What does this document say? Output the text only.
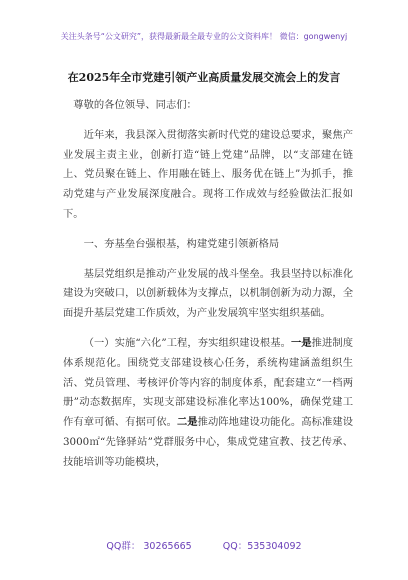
关注头条号“公文研究”，获得最新最全最专业的公文资料库！ 微信：gongwenyj
在2025年全市党建引领产业高质量发展交流会上的发言

尊敬的各位领导、同志们：

近年来，我县深入贯彻落实新时代党的建设总要求，聚焦产业发展主责主业，创新打造“链上党建”品牌，以“支部建在链上、党员聚在链上、作用融在链上、服务优在链上”为抓手，推动党建与产业发展深度融合。现将工作成效与经验做法汇报如下。

一、夯基垒台强根基，构建党建引领新格局

基层党组织是推动产业发展的战斗堡垒。我县坚持以标准化建设为突破口，以创新载体为支撑点，以机制创新为动力源，全面提升基层党建工作质效，为产业发展筑牢坚实组织基础。

（一）实施“六化”工程，夯实组织建设根基。一是推进制度体系规范化。围绕党支部建设核心任务，系统构建涵盖组织生活、党员管理、考核评价等内容的制度体系，配套建立“一档两册”动态数据库，实现支部建设标准化率达100%，确保党建工作有章可循、有据可依。二是推动阵地建设功能化。高标准建设3000㎡“先锋驿站”党群服务中心，集成党建宣教、技艺传承、技能培训等功能模块，

QQ群： 30265665	QQ：535304092
